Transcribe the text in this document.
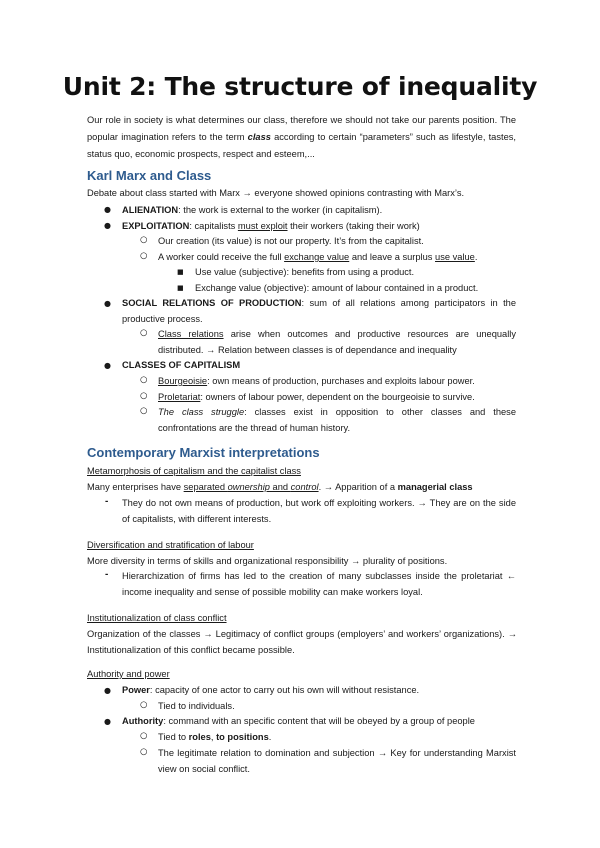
Unit 2: The structure of inequality
Our role in society is what determines our class, therefore we should not take our parents position. The popular imagination refers to the term class according to certain “parameters” such as lifestyle, tastes, status quo, economic prospects, respect and esteem,...
Karl Marx and Class

Debate about class started with Marx → everyone showed opinions contrasting with Marx’s.

● ALIENATION: the work is external to the worker (in capitalism).
● EXPLOITATION: capitalists must exploit their workers (taking their work)
○ Our creation (its value) is not our property. It’s from the capitalist.
○ A worker could receive the full exchange value and leave a surplus use value.
■ Use value (subjective): benefits from using a product.
■ Exchange value (objective): amount of labour contained in a product.
● SOCIAL RELATIONS OF PRODUCTION: sum of all relations among participators in the productive process.
○ Class relations arise when outcomes and productive resources are unequally distributed. → Relation between classes is of dependance and inequality
● CLASSES OF CAPITALISM
○ Bourgeoisie: own means of production, purchases and exploits labour power.
○ Proletariat: owners of labour power, dependent on the bourgeoisie to survive.
○ The class struggle: classes exist in opposition to other classes and these confrontations are the thread of human history.
Contemporary Marxist interpretations

Metamorphosis of capitalism and the capitalist class

Many enterprises have separated ownership and control. → Apparition of a managerial class

- They do not own means of production, but work off exploiting workers. → They are on the side of capitalists, with different interests.

Diversification and stratification of labour

More diversity in terms of skills and organizational responsibility → plurality of positions.

- Hierarchization of firms has led to the creation of many subclasses inside the proletariat ← income inequality and sense of possible mobility can make workers loyal.

Institutionalization of class conflict

Organization of the classes → Legitimacy of conflict groups (employers’ and workers’ organizations). → Institutionalization of this conflict became possible.

Authority and power

● Power: capacity of one actor to carry out his own will without resistance.
○ Tied to individuals.
● Authority: command with an specific content that will be obeyed by a group of people
○ Tied to roles, to positions.
○ The legitimate relation to domination and subjection → Key for understanding Marxist view on social conflict.
